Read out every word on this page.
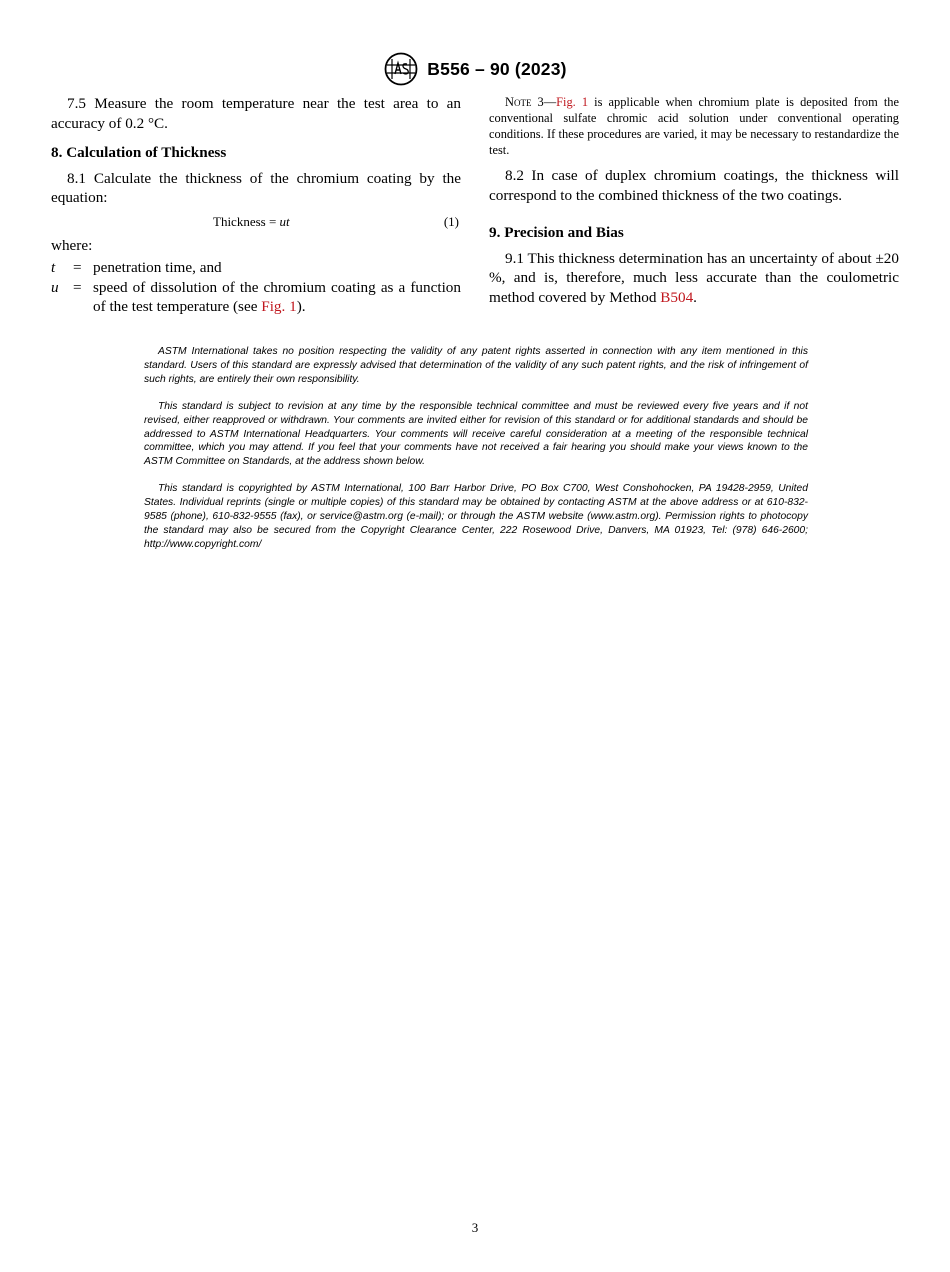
B556 – 90 (2023)

7.5 Measure the room temperature near the test area to an accuracy of 0.2 °C.

8. Calculation of Thickness

8.1 Calculate the thickness of the chromium coating by the equation:

Thickness = ut	(1)
where:
t	= penetration time, and
u = speed of dissolution of the chromium coating as a function of the test temperature (see Fig. 1).

Note 3—Fig. 1 is applicable when chromium plate is deposited from the conventional sulfate chromic acid solution under conventional operating conditions. If these procedures are varied, it may be necessary to restandardize the test.

8.2 In case of duplex chromium coatings, the thickness will correspond to the combined thickness of the two coatings.

9. Precision and Bias

9.1 This thickness determination has an uncertainty of about ±20 %, and is, therefore, much less accurate than the coulometric method covered by Method B504.

ASTM International takes no position respecting the validity of any patent rights asserted in connection with any item mentioned in this standard. Users of this standard are expressly advised that determination of the validity of any such patent rights, and the risk of infringement of such rights, are entirely their own responsibility.

This standard is subject to revision at any time by the responsible technical committee and must be reviewed every five years and if not revised, either reapproved or withdrawn. Your comments are invited either for revision of this standard or for additional standards and should be addressed to ASTM International Headquarters. Your comments will receive careful consideration at a meeting of the responsible technical committee, which you may attend. If you feel that your comments have not received a fair hearing you should make your views known to the ASTM Committee on Standards, at the address shown below.

This standard is copyrighted by ASTM International, 100 Barr Harbor Drive, PO Box C700, West Conshohocken, PA 19428-2959, United States. Individual reprints (single or multiple copies) of this standard may be obtained by contacting ASTM at the above address or at 610-832-9585 (phone), 610-832-9555 (fax), or service@astm.org (e-mail); or through the ASTM website (www.astm.org). Permission rights to photocopy the standard may also be secured from the Copyright Clearance Center, 222 Rosewood Drive, Danvers, MA 01923, Tel: (978) 646-2600; http://www.copyright.com/

3
